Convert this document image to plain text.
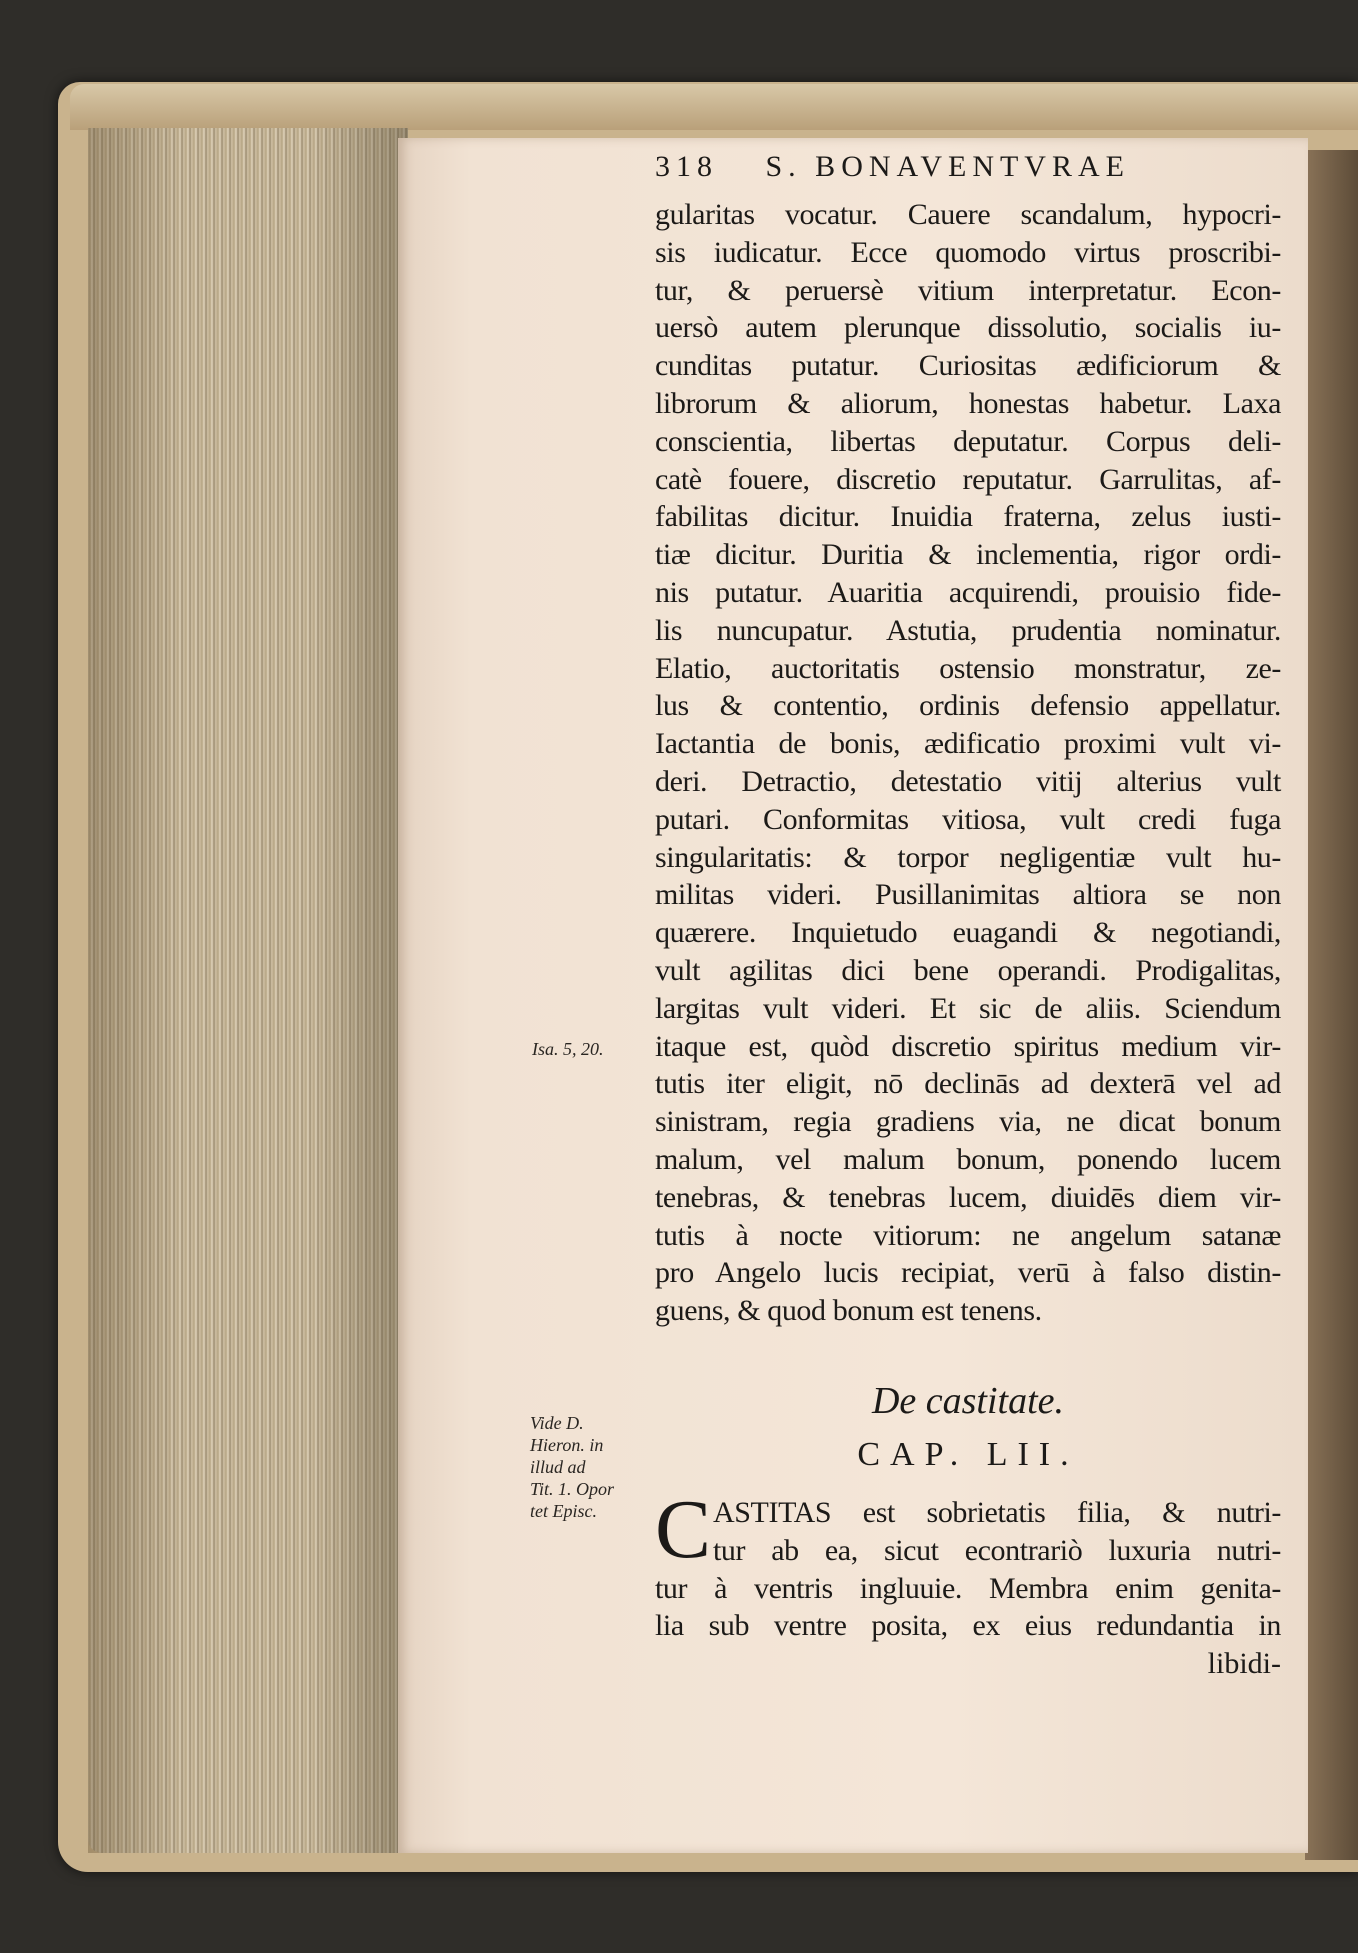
Isa. 5, 20.
Vide D.
Hieron. in
illud ad
Tit. 1. Opor
tet Episc.
318 S. BONAVENTVRAE
gularitas vocatur. Cauere scandalum, hypocri-
sis iudicatur. Ecce quomodo virtus proscribi-
tur, & peruersè vitium interpretatur. Econ-
uersò autem plerunque dissolutio, socialis iu-
cunditas putatur. Curiositas ædificiorum &
librorum & aliorum, honestas habetur. Laxa
conscientia, libertas deputatur. Corpus deli-
catè fouere, discretio reputatur. Garrulitas, af-
fabilitas dicitur. Inuidia fraterna, zelus iusti-
tiæ dicitur. Duritia & inclementia, rigor ordi-
nis putatur. Auaritia acquirendi, prouisio fide-
lis nuncupatur. Astutia, prudentia nominatur.
Elatio, auctoritatis ostensio monstratur, ze-
lus & contentio, ordinis defensio appellatur.
Iactantia de bonis, ædificatio proximi vult vi-
deri. Detractio, detestatio vitij alterius vult
putari. Conformitas vitiosa, vult credi fuga
singularitatis: & torpor negligentiæ vult hu-
militas videri. Pusillanimitas altiora se non
quærere. Inquietudo euagandi & negotiandi,
vult agilitas dici bene operandi. Prodigalitas,
largitas vult videri. Et sic de aliis. Sciendum
itaque est, quòd discretio spiritus medium vir-
tutis iter eligit, nō declinās ad dexterā vel ad
sinistram, regia gradiens via, ne dicat bonum
malum, vel malum bonum, ponendo lucem
tenebras, & tenebras lucem, diuidēs diem vir-
tutis à nocte vitiorum: ne angelum satanæ
pro Angelo lucis recipiat, verū à falso distin-
guens, & quod bonum est tenens.
De castitate.
CAP. LII.
C ASTITAS est sobrietatis filia, & nutri-
tur ab ea, sicut econtrariò luxuria nutri-
tur à ventris ingluuie. Membra enim genita-
lia sub ventre posita, ex eius redundantia in
libidi-
